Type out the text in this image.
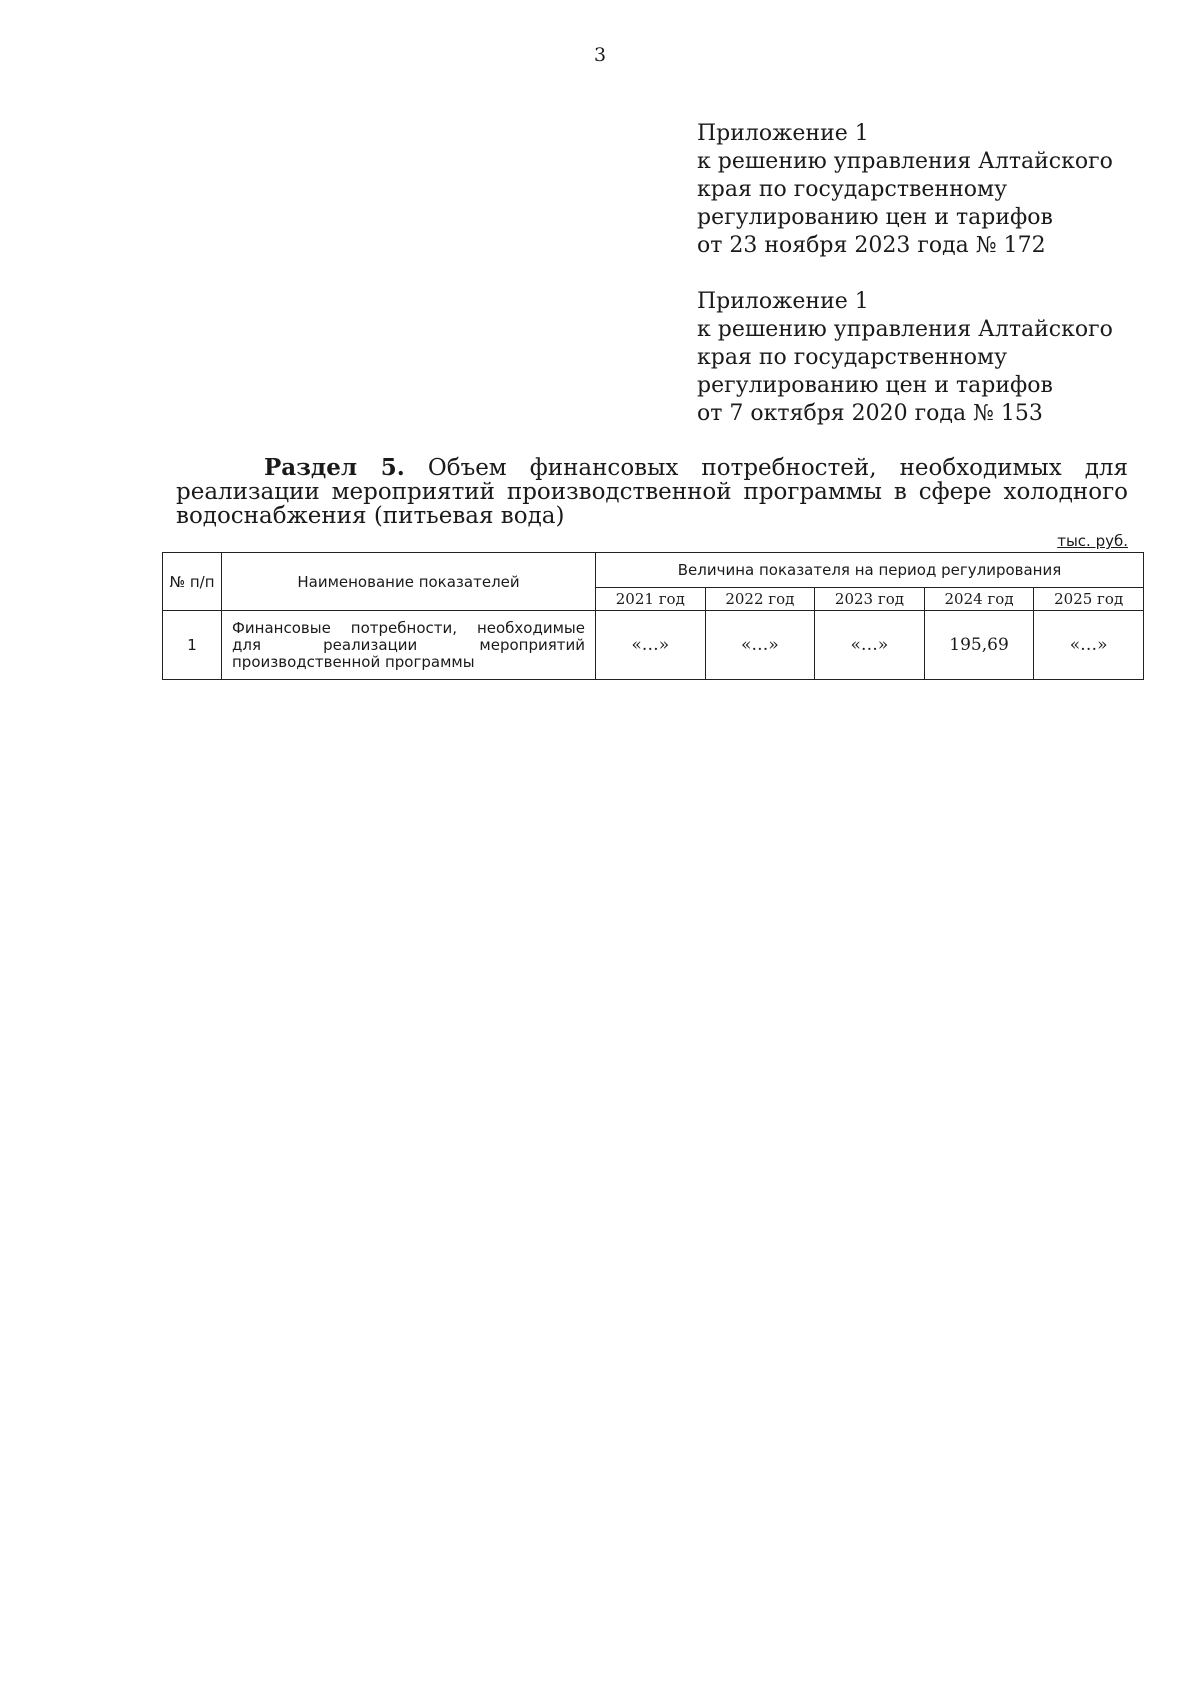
3
Приложение 1
к решению управления Алтайского
края по государственному
регулированию цен и тарифов
от 23 ноября 2023 года № 172
Приложение 1
к решению управления Алтайского
края по государственному
регулированию цен и тарифов
от 7 октября 2020 года № 153
Раздел 5. Объем финансовых потребностей, необходимых для реализации мероприятий производственной программы в сфере холодного водоснабжения (питьевая вода)
тыс. руб.
№ п/п	Наименование показателей	Величина показателя на период регулирования				
		2021 год	2022 год	2023 год	2024 год	2025 год
1	Финансовые потребности, необходимые для реализации мероприятий производственной программы	«…»	«…»	«…»	195,69	«…»
